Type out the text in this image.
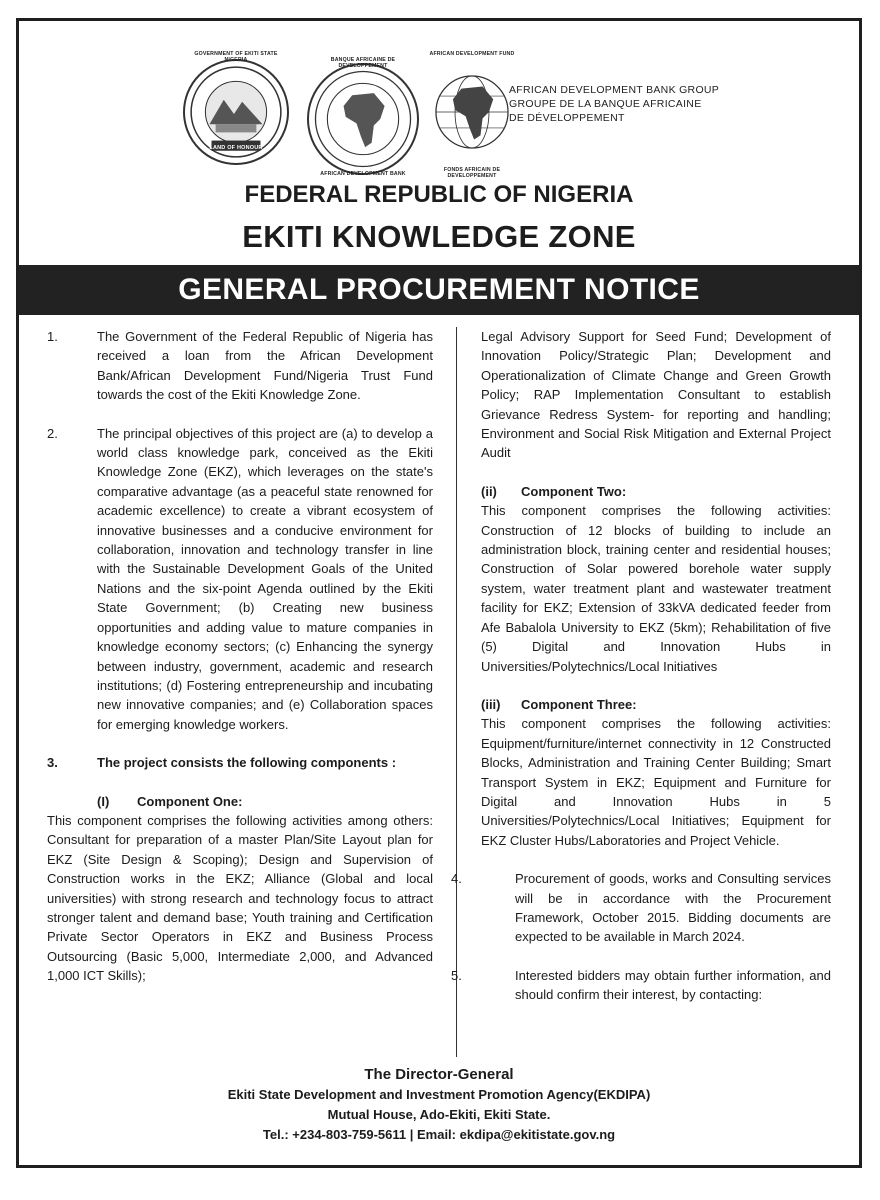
LAND OF HONOUR
GOVERNMENT OF EKITI STATE NIGERIA	BANQUE AFRICAINE DE DEVELOPPEMENT
AFRICAN DEVELOPMENT BANK
AFRICAN DEVELOPMENT FUND
FONDS AFRICAIN DE DEVELOPPEMENT
AFRICAN DEVELOPMENT BANK GROUP
GROUPE DE LA BANQUE AFRICAINE
DE DÉVELOPPEMENT
FEDERAL REPUBLIC OF NIGERIA
EKITI KNOWLEDGE ZONE
GENERAL PROCUREMENT NOTICE
1.	The Government of the Federal Republic of Nigeria has received a loan from the African Development Bank/African Development Fund/Nigeria Trust Fund towards the cost of the Ekiti Knowledge Zone.
2.	The principal objectives of this project are (a) to develop a world class knowledge park, conceived as the Ekiti Knowledge Zone (EKZ), which leverages on the state's comparative advantage (as a peaceful state renowned for academic excellence) to create a vibrant ecosystem of innovative businesses and a conducive environment for collaboration, innovation and technology transfer in line with the Sustainable Development Goals of the United Nations and the six-point Agenda outlined by the Ekiti State Government; (b) Creating new business opportunities and adding value to mature companies in knowledge economy sectors; (c) Enhancing the synergy between industry, government, academic and research institutions; (d) Fostering entrepreneurship and incubating new innovative companies; and (e) Collaboration spaces for emerging knowledge workers.
3.	The project consists the following components :

(I) Component One:

This component comprises the following activities among others: Consultant for preparation of a master Plan/Site Layout plan for EKZ (Site Design & Scoping); Design and Supervision of Construction works in the EKZ; Alliance (Global and local universities) with strong research and technology focus to attract stronger talent and demand base; Youth training and Certification Private Sector Operators in EKZ and Business Process Outsourcing (Basic 5,000, Intermediate 2,000, and Advanced 1,000 ICT Skills);

Legal Advisory Support for Seed Fund; Development of Innovation Policy/Strategic Plan; Development and Operationalization of Climate Change and Green Growth Policy; RAP Implementation Consultant to establish Grievance Redress System- for reporting and handling; Environment and Social Risk Mitigation and External Project Audit

(ii) Component Two:

This component comprises the following activities: Construction of 12 blocks of building to include an administration block, training center and residential houses; Construction of Solar powered borehole water supply system, water treatment plant and wastewater treatment facility for EKZ; Extension of 33kVA dedicated feeder from Afe Babalola University to EKZ (5km); Rehabilitation of five (5) Digital and Innovation Hubs in Universities/Polytechnics/Local Initiatives

(iii) Component Three:

This component comprises the following activities: Equipment/furniture/internet connectivity in 12 Constructed Blocks, Administration and Training Center Building; Smart Transport System in EKZ; Equipment and Furniture for Digital and Innovation Hubs in 5 Universities/Polytechnics/Local Initiatives; Equipment for EKZ Cluster Hubs/Laboratories and Project Vehicle.

4.	Procurement of goods, works and Consulting services will be in accordance with the Procurement Framework, October 2015. Bidding documents are expected to be available in March 2024.
5.	Interested bidders may obtain further information, and should confirm their interest, by contacting:
The Director-General
Ekiti State Development and Investment Promotion Agency(EKDIPA)
Mutual House, Ado-Ekiti, Ekiti State.
Tel.: +234-803-759-5611 | Email: ekdipa@ekitistate.gov.ng
